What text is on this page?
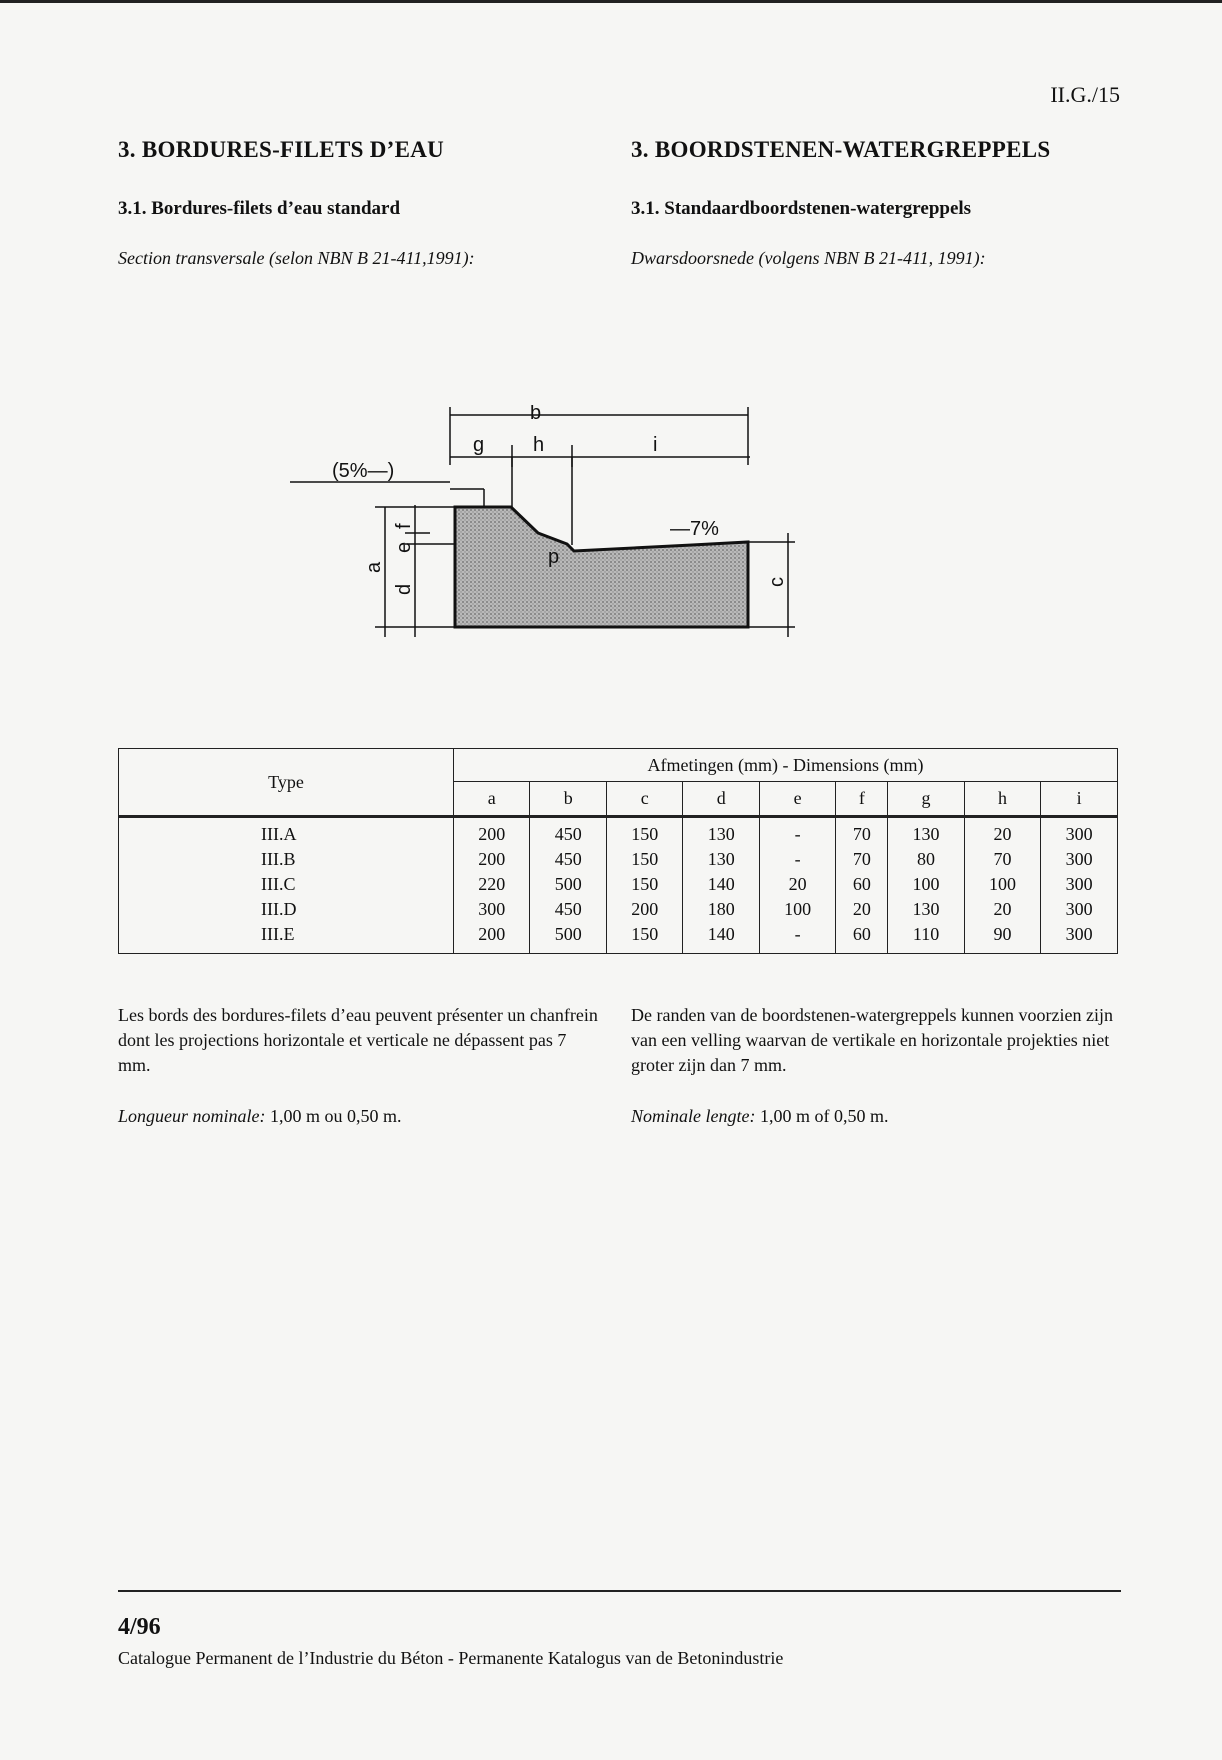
II.G./15
3. BORDURES-FILETS D’EAU	3. BOORDSTENEN-WATERGREPPELS
3.1. Bordures-filets d’eau standard	3.1. Standaardboordstenen-watergreppels
Section transversale (selon NBN B 21-411,1991):	Dwarsdoorsnede (volgens NBN B 21-411, 1991):
b
g h	i
(5%—)
—7%
p
a
d
e
f
c
Type	Afmetingen (mm) - Dimensions (mm)								
	a	b	c	d	e	f	g	h	i
III.A	200	450	150	130	-	70	130	20	300
III.B	200	450	150	130	-	70	80	70	300
III.C	220	500	150	140	20	60	100	100	300
III.D	300	450	200	180	100	20	130	20	300
III.E	200	500	150	140	-	60	110	90	300
Les bords des bordures-filets d’eau peuvent présenter un chanfrein dont les projections horizontale et verticale ne dépassent pas 7 mm.
De randen van de boordstenen-watergreppels kunnen voorzien zijn van een velling waarvan de vertikale en horizontale projekties niet groter zijn dan 7 mm.
Longueur nominale: 1,00 m ou 0,50 m.	Nominale lengte: 1,00 m of 0,50 m.
4/96
Catalogue Permanent de l’Industrie du Béton - Permanente Katalogus van de Betonindustrie
